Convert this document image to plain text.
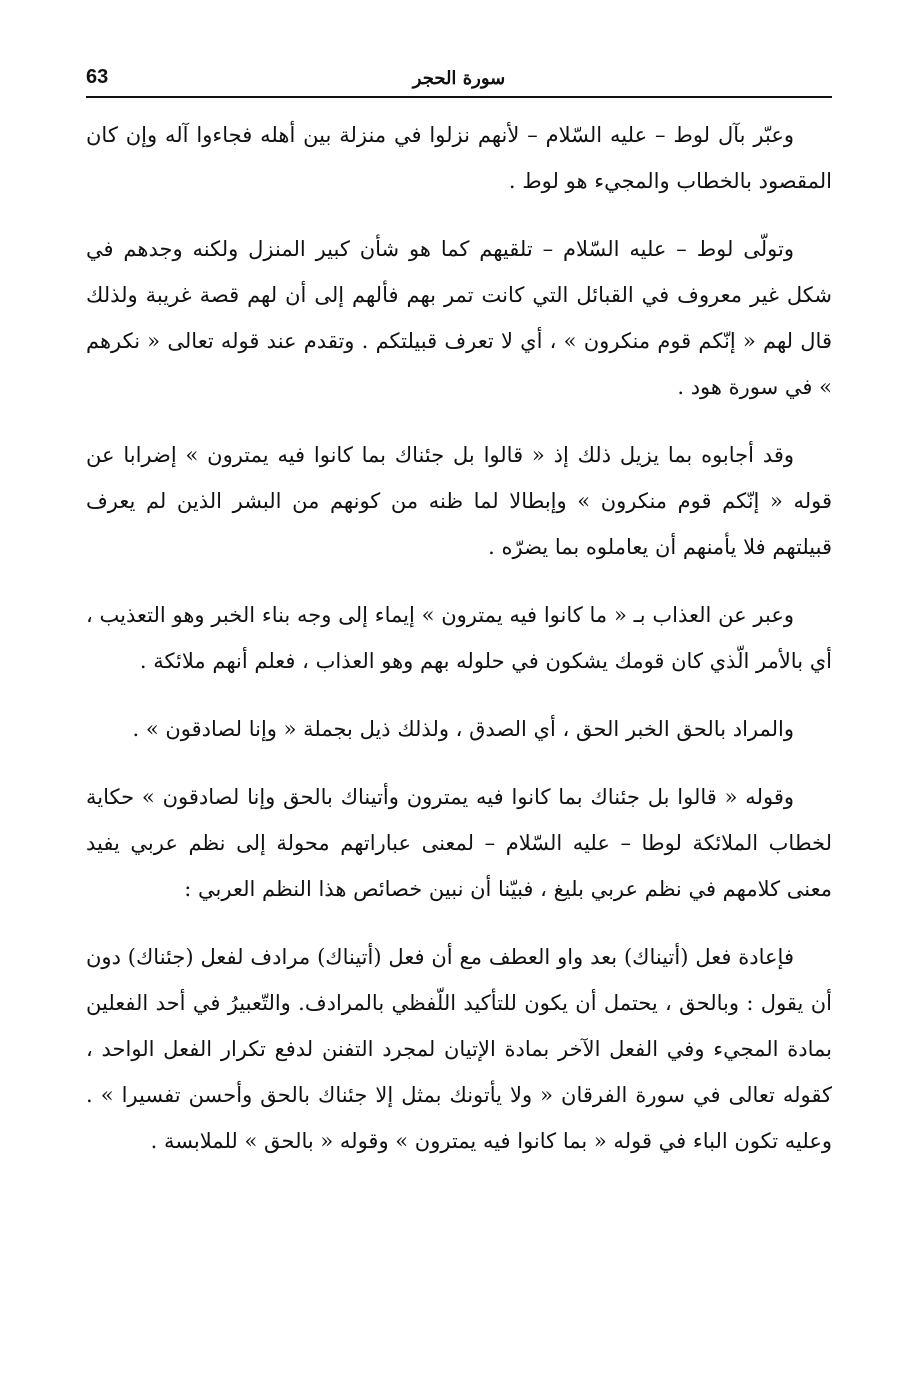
63	سورة الحجر

وعبّر بآل لوط – عليه السّلام – لأنهم نزلوا في منزلة بين أهله فجاءوا آله وإن كان المقصود بالخطاب والمجيء هو لوط .

وتولّى لوط – عليه السّلام – تلقيهم كما هو شأن كبير المنزل ولكنه وجدهم في شكل غير معروف في القبائل التي كانت تمر بهم فألهم إلى أن لهم قصة غريبة ولذلك قال لهم « إنّكم قوم منكرون » ، أي لا تعرف قبيلتكم . وتقدم عند قوله تعالى « نكرهم » في سورة هود .

وقد أجابوه بما يزيل ذلك إذ « قالوا بل جئناك بما كانوا فيه يمترون » إضرابا عن قوله « إنّكم قوم منكرون » وإبطالا لما ظنه من كونهم من البشر الذين لم يعرف قبيلتهم فلا يأمنهم أن يعاملوه بما يضرّه .

وعبر عن العذاب بـ « ما كانوا فيه يمترون » إيماء إلى وجه بناء الخبر وهو التعذيب ، أي بالأمر الّذي كان قومك يشكون في حلوله بهم وهو العذاب ، فعلم أنهم ملائكة .

والمراد بالحق الخبر الحق ، أي الصدق ، ولذلك ذيل بجملة « وإنا لصادقون » .

وقوله « قالوا بل جئناك بما كانوا فيه يمترون وأتيناك بالحق وإنا لصادقون » حكاية لخطاب الملائكة لوطا – عليه السّلام – لمعنى عباراتهم محولة إلى نظم عربي يفيد معنى كلامهم في نظم عربي بليغ ، فبيّنا أن نبين خصائص هذا النظم العربي :

فإعادة فعل (أتيناك) بعد واو العطف مع أن فعل (أتيناك) مرادف لفعل (جئناك) دون أن يقول : وبالحق ، يحتمل أن يكون للتأكيد اللّفظي بالمرادف. والتّعبيرُ في أحد الفعلين بمادة المجيء وفي الفعل الآخر بمادة الإتيان لمجرد التفنن لدفع تكرار الفعل الواحد ، كقوله تعالى في سورة الفرقان « ولا يأتونك بمثل إلا جئناك بالحق وأحسن تفسيرا » . وعليه تكون الباء في قوله « بما كانوا فيه يمترون » وقوله « بالحق » للملابسة .
